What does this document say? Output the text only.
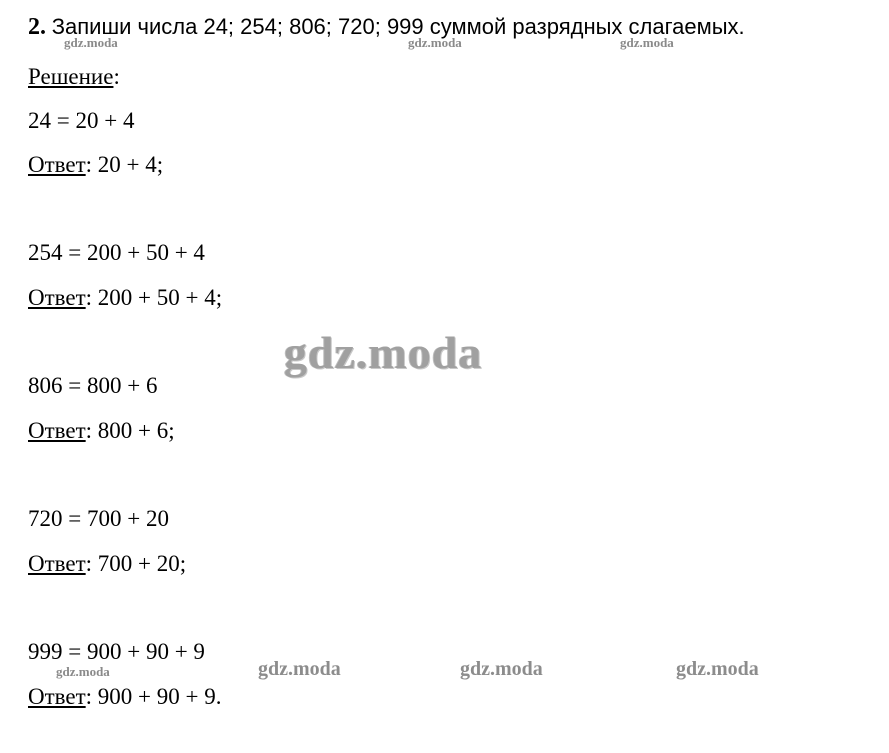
2. Запиши числа 24; 254; 806; 720; 999 суммой разрядных слагаемых.
Решение:
24 = 20 + 4
Ответ: 20 + 4;
254 = 200 + 50 + 4
Ответ: 200 + 50 + 4;
806 = 800 + 6
Ответ: 800 + 6;
720 = 700 + 20
Ответ: 700 + 20;
999 = 900 + 90 + 9
Ответ: 900 + 90 + 9.
gdz.moda	gdz.moda	gdz.moda
gdz.moda
gdz.moda	gdz.moda	gdz.moda	gdz.moda
